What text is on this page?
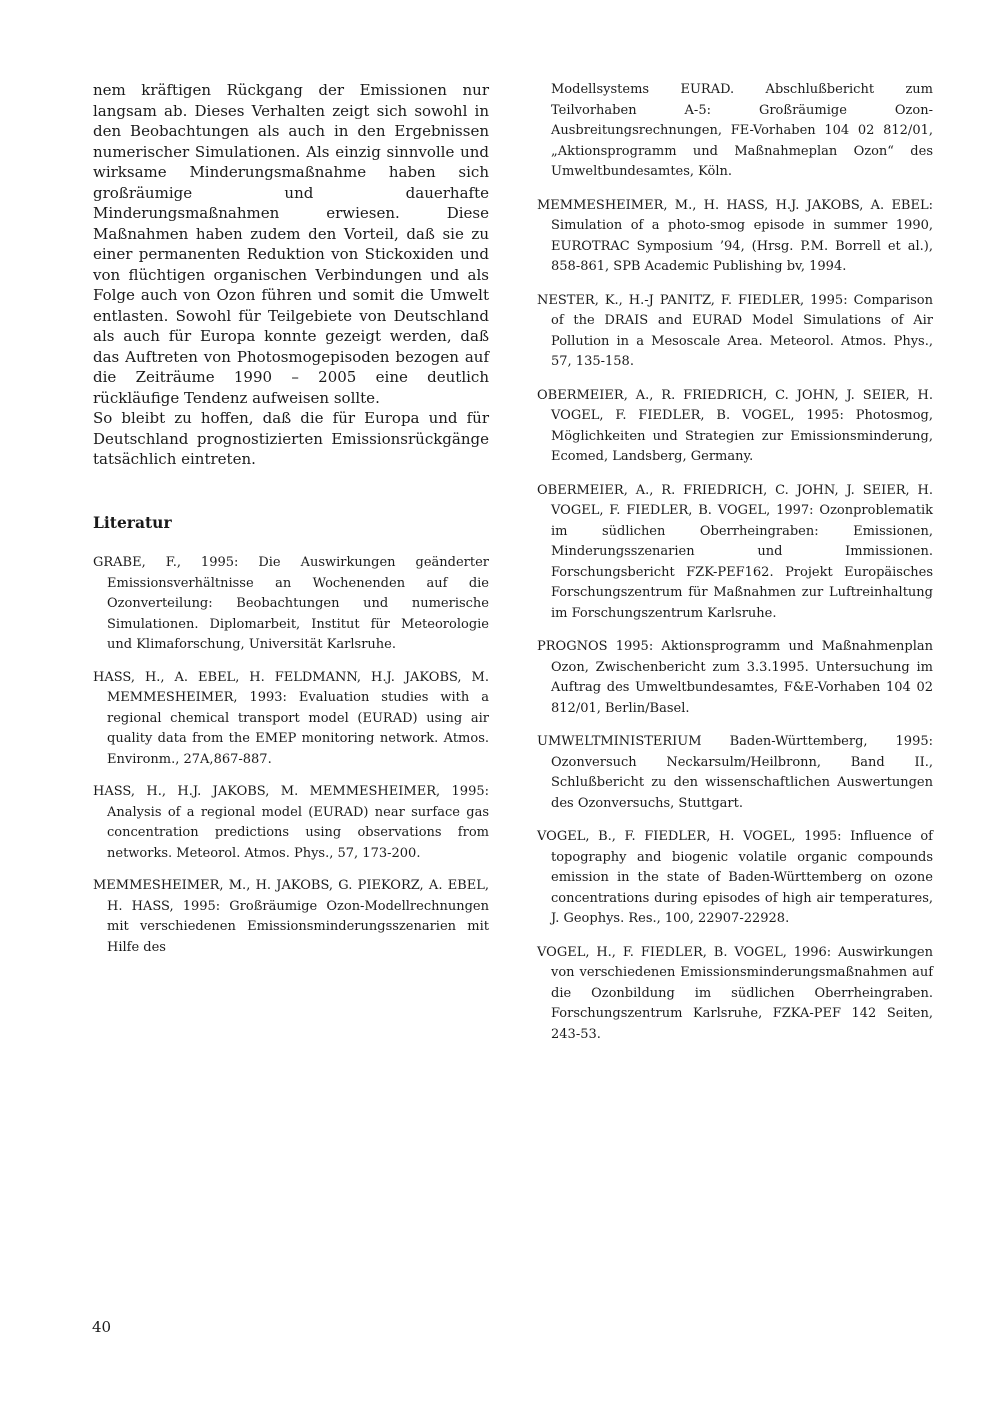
nem kräftigen Rückgang der Emissionen nur langsam ab. Dieses Verhalten zeigt sich sowohl in den Beobachtungen als auch in den Ergebnissen numerischer Simulationen. Als einzig sinnvolle und wirksame Minderungsmaßnahme haben sich großräumige und dauerhafte Minderungsmaßnahmen erwiesen. Diese Maßnahmen haben zudem den Vorteil, daß sie zu einer permanenten Reduktion von Stickoxiden und von flüchtigen organischen Verbindungen und als Folge auch von Ozon führen und somit die Umwelt entlasten. Sowohl für Teilgebiete von Deutschland als auch für Europa konnte gezeigt werden, daß das Auftreten von Photosmogepisoden bezogen auf die Zeiträume 1990 – 2005 eine deutlich rückläufige Tendenz aufweisen sollte.
So bleibt zu hoffen, daß die für Europa und für Deutschland prognostizierten Emissionsrückgänge tatsächlich eintreten.

Literatur

GRABE, F., 1995: Die Auswirkungen geänderter Emissionsverhältnisse an Wochenenden auf die Ozonverteilung: Beobachtungen und numerische Simulationen. Diplomarbeit, Institut für Meteorologie und Klimaforschung, Universität Karlsruhe.

HASS, H., A. EBEL, H. FELDMANN, H.J. JAKOBS, M. MEMMESHEIMER, 1993: Evaluation studies with a regional chemical transport model (EURAD) using air quality data from the EMEP monitoring network. Atmos. Environm., 27A,867-887.

HASS, H., H.J. JAKOBS, M. MEMMESHEIMER, 1995: Analysis of a regional model (EURAD) near surface gas concentration predictions using observations from networks. Meteorol. Atmos. Phys., 57, 173-200.

MEMMESHEIMER, M., H. JAKOBS, G. PIEKORZ, A. EBEL, H. HASS, 1995: Großräumige Ozon-Modellrechnungen mit verschiedenen Emissionsminderungsszenarien mit Hilfe des

Modellsystems EURAD. Abschlußbericht zum Teilvorhaben A-5: Großräumige Ozon-Ausbreitungsrechnungen, FE-Vorhaben 104 02 812/01, „Aktionsprogramm und Maßnahmeplan Ozon“ des Umweltbundesamtes, Köln.

MEMMESHEIMER, M., H. HASS, H.J. JAKOBS, A. EBEL: Simulation of a photo-smog episode in summer 1990, EUROTRAC Symposium ’94, (Hrsg. P.M. Borrell et al.), 858-861, SPB Academic Publishing bv, 1994.

NESTER, K., H.-J PANITZ, F. FIEDLER, 1995: Comparison of the DRAIS and EURAD Model Simulations of Air Pollution in a Mesoscale Area. Meteorol. Atmos. Phys., 57, 135-158.

OBERMEIER, A., R. FRIEDRICH, C. JOHN, J. SEIER, H. VOGEL, F. FIEDLER, B. VOGEL, 1995: Photosmog, Möglichkeiten und Strategien zur Emissionsminderung, Ecomed, Landsberg, Germany.

OBERMEIER, A., R. FRIEDRICH, C. JOHN, J. SEIER, H. VOGEL, F. FIEDLER, B. VOGEL, 1997: Ozonproblematik im südlichen Oberrheingraben: Emissionen, Minderungsszenarien und Immissionen. Forschungsbericht FZK-PEF162. Projekt Europäisches Forschungszentrum für Maßnahmen zur Luftreinhaltung im Forschungszentrum Karlsruhe.

PROGNOS 1995: Aktionsprogramm und Maßnahmenplan Ozon, Zwischenbericht zum 3.3.1995. Untersuchung im Auftrag des Umweltbundesamtes, F&E-Vorhaben 104 02 812/01, Berlin/Basel.

UMWELTMINISTERIUM Baden-Württemberg, 1995: Ozonversuch Neckarsulm/Heilbronn, Band II., Schlußbericht zu den wissenschaftlichen Auswertungen des Ozonversuchs, Stuttgart.

VOGEL, B., F. FIEDLER, H. VOGEL, 1995: Influence of topography and biogenic volatile organic compounds emission in the state of Baden-Württemberg on ozone concentrations during episodes of high air temperatures, J. Geophys. Res., 100, 22907-22928.

VOGEL, H., F. FIEDLER, B. VOGEL, 1996: Auswirkungen von verschiedenen Emissionsminderungsmaßnahmen auf die Ozonbildung im südlichen Oberrheingraben. Forschungszentrum Karlsruhe, FZKA-PEF 142 Seiten, 243-53.

40
